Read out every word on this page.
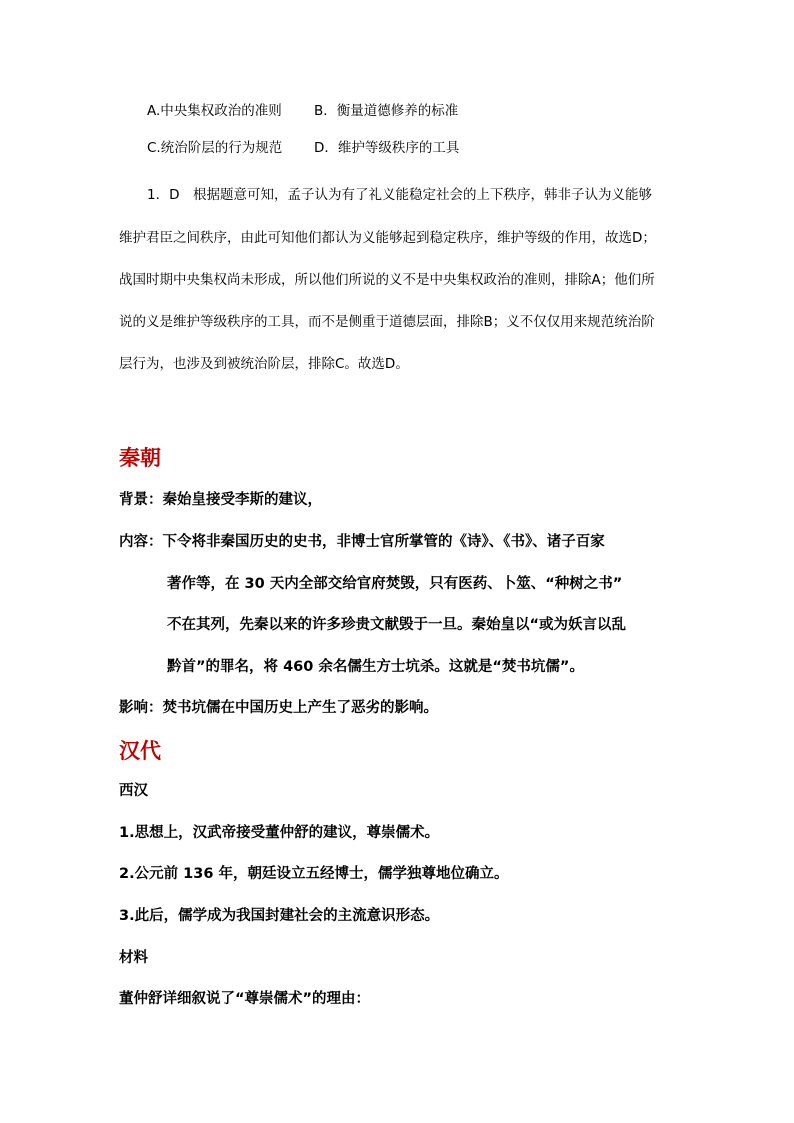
A.中央集权政治的准则 B．衡量道德修养的标准
C.统治阶层的行为规范 D．维护等级秩序的工具
1．D　根据题意可知，孟子认为有了礼义能稳定社会的上下秩序，韩非子认为义能够
维护君臣之间秩序，由此可知他们都认为义能够起到稳定秩序，维护等级的作用，故选D；
战国时期中央集权尚未形成，所以他们所说的义不是中央集权政治的准则，排除A；他们所
说的义是维护等级秩序的工具，而不是侧重于道德层面，排除B；义不仅仅用来规范统治阶
层行为，也涉及到被统治阶层，排除C。故选D。
秦朝
背景：秦始皇接受李斯的建议，
内容：下令将非秦国历史的史书，非博士官所掌管的《诗》、《书》、诸子百家
著作等，在 30 天内全部交给官府焚毁，只有医药、卜筮、“种树之书”
不在其列，先秦以来的许多珍贵文献毁于一旦。秦始皇以“或为妖言以乱
黔首”的罪名，将 460 余名儒生方士坑杀。这就是“焚书坑儒”。
影响：焚书坑儒在中国历史上产生了恶劣的影响。
汉代
西汉
1.思想上，汉武帝接受董仲舒的建议，尊崇儒术。
2.公元前 136 年，朝廷设立五经博士，儒学独尊地位确立。
3.此后，儒学成为我国封建社会的主流意识形态。
材料
董仲舒详细叙说了“尊崇儒术”的理由：
